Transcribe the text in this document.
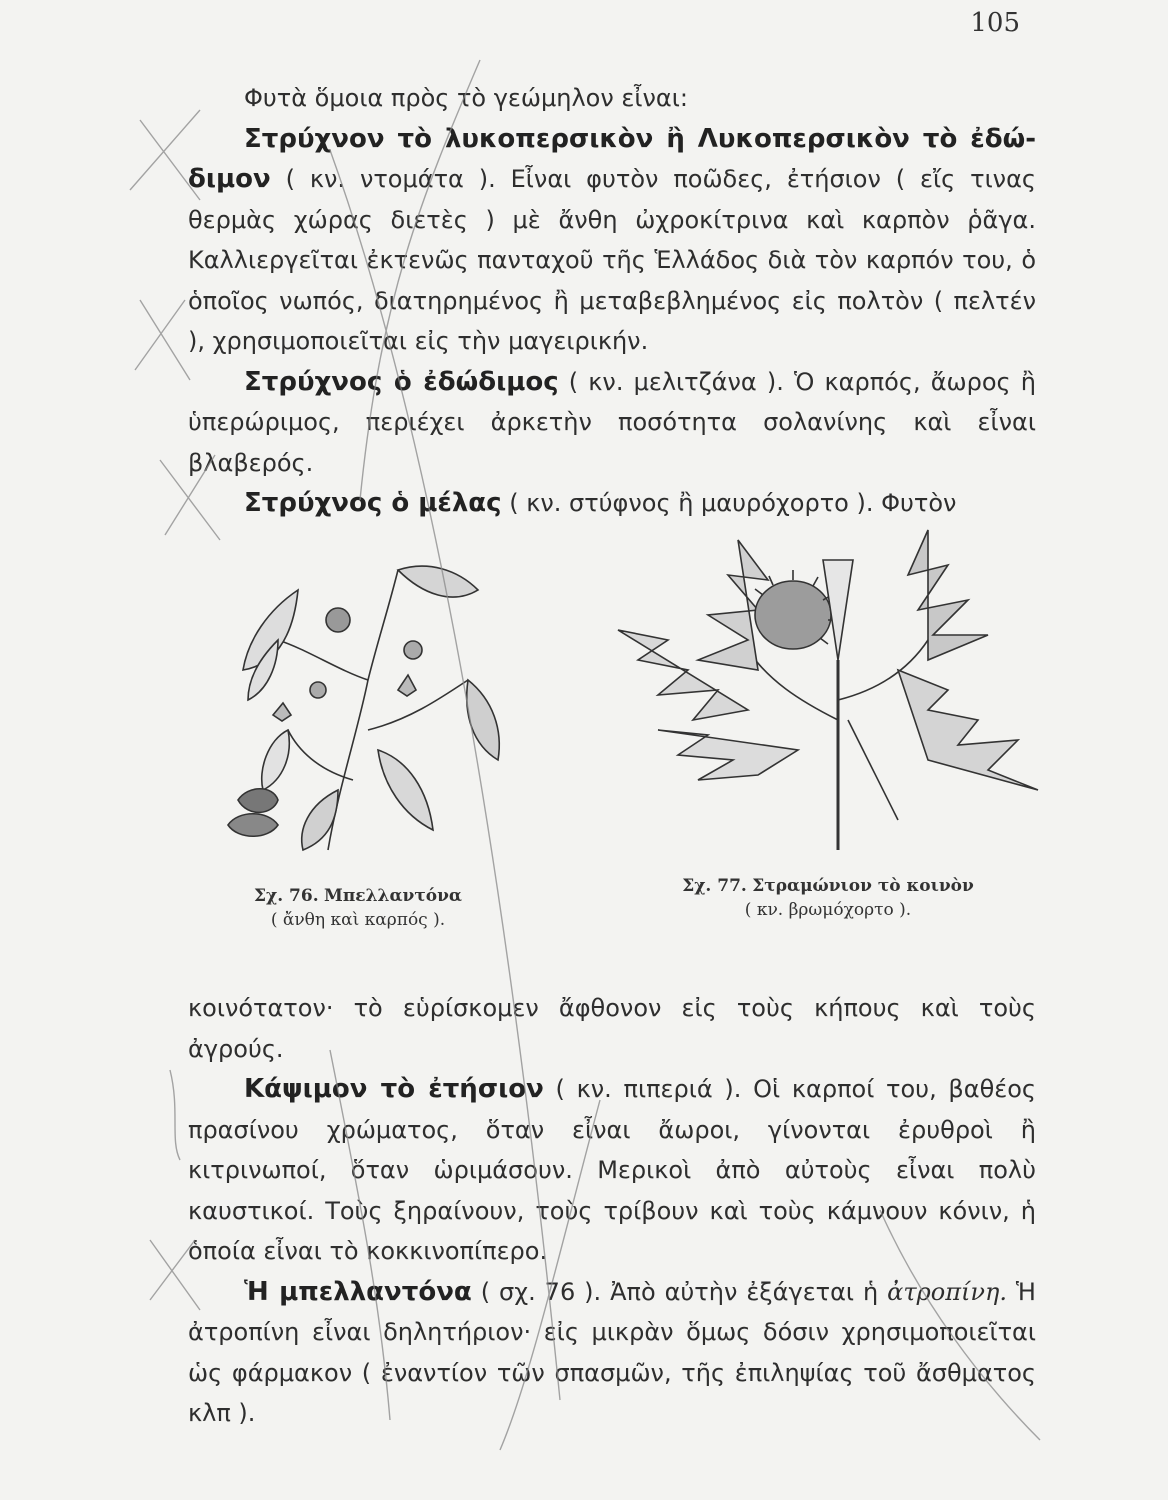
105

Φυτὰ ὅμοια πρὸς τὸ γεώμηλον εἶναι:

Στρύχνον τὸ λυκοπερσικὸν ἢ Λυκοπερσικὸν τὸ ἐδώ-διμον ( κν. ντομάτα ). Εἶναι φυτὸν ποῶδες, ἐτήσιον ( εἴς τινας θερμὰς χώρας διετὲς ) μὲ ἄνθη ὠχροκίτρινα καὶ καρπὸν ῥᾶγα. Καλλιεργεῖται ἐκτενῶς πανταχοῦ τῆς Ἑλλάδος διὰ τὸν καρπόν του, ὁ ὁποῖος νωπός, διατηρημένος ἢ μεταβεβλημένος εἰς πολτὸν ( πελτέν ), χρησιμοποιεῖται εἰς τὴν μαγειρικήν.

Στρύχνος ὁ ἐδώδιμος ( κν. μελιτζάνα ). Ὁ καρπός, ἄωρος ἢ ὑπερώριμος, περιέχει ἀρκετὴν ποσότητα σολανίνης καὶ εἶναι βλαβερός.

Στρύχνος ὁ μέλας ( κν. στύφνος ἢ μαυρόχορτο ). Φυτὸν

Σχ. 76. Μπελλαντόνα
( ἄνθη καὶ καρπός ).
Σχ. 77. Στραμώνιον τὸ κοινὸν
( κν. βρωμόχορτο ).

κοινότατον· τὸ εὑρίσκομεν ἄφθονον εἰς τοὺς κήπους καὶ τοὺς ἀγρούς.

Κάψιμον τὸ ἐτήσιον ( κν. πιπεριά ). Οἱ καρποί του, βαθέος πρασίνου χρώματος, ὅταν εἶναι ἄωροι, γίνονται ἐρυθροὶ ἢ κιτρινωποί, ὅταν ὡριμάσουν. Μερικοὶ ἀπὸ αὐτοὺς εἶναι πολὺ καυστικοί. Τοὺς ξηραίνουν, τοὺς τρίβουν καὶ τοὺς κάμνουν κόνιν, ἡ ὁποία εἶναι τὸ κοκκινοπίπερο.

Ἡ μπελλαντόνα ( σχ. 76 ). Ἀπὸ αὐτὴν ἐξάγεται ἡ ἀτροπίνη. Ἡ ἀτροπίνη εἶναι δηλητήριον· εἰς μικρὰν ὅμως δόσιν χρησιμοποιεῖται ὡς φάρμακον ( ἐναντίον τῶν σπασμῶν, τῆς ἐπιληψίας τοῦ ἄσθματος κλπ ).
